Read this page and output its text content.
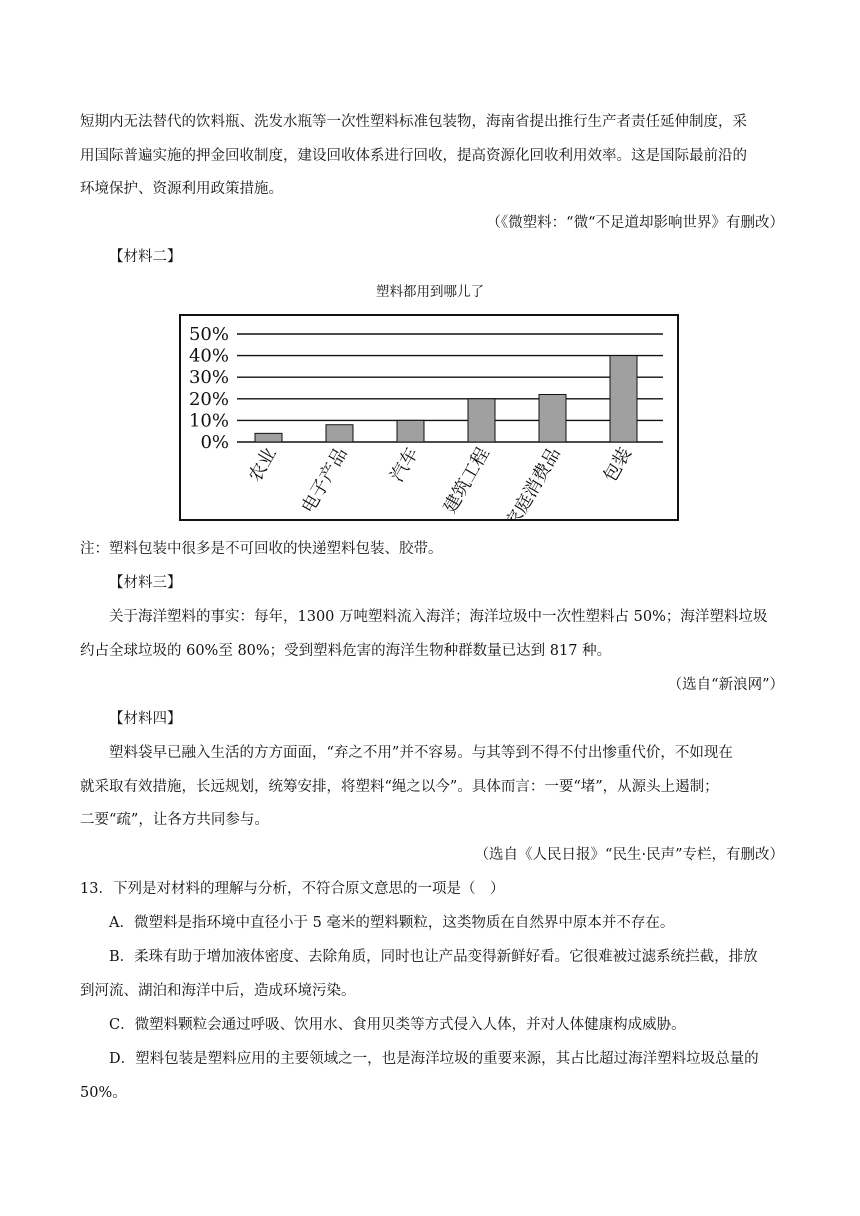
短期内无法替代的饮料瓶、洗发水瓶等一次性塑料标准包装物，海南省提出推行生产者责任延伸制度，采
用国际普遍实施的押金回收制度，建设回收体系进行回收，提高资源化回收利用效率。这是国际最前沿的
环境保护、资源利用政策措施。
（《微塑料：“微“不足道却影响世界》有删改）
【材料二】
塑料都用到哪儿了
50%
40%
30%
20%
10%
0%
农业 电子产品 汽车 建筑工程 家庭消费品 包装
注：塑料包装中很多是不可回收的快递塑料包装、胶带。
【材料三】
关于海洋塑料的事实：每年，1300 万吨塑料流入海洋；海洋垃圾中一次性塑料占 50%；海洋塑料垃圾
约占全球垃圾的 60%至 80%；受到塑料危害的海洋生物种群数量已达到 817 种。
（选自“新浪网”）
【材料四】
塑料袋早已融入生活的方方面面，“弃之不用”并不容易。与其等到不得不付出惨重代价，不如现在
就采取有效措施，长远规划，统筹安排，将塑料“绳之以今”。具体而言：一要“堵”，从源头上遏制；
二要“疏”，让各方共同参与。
（选自《人民日报》“民生·民声”专栏，有删改）
13．下列是对材料的理解与分析，不符合原文意思的一项是（　）
A．微塑料是指环境中直径小于 5 毫米的塑料颗粒，这类物质在自然界中原本并不存在。
B．柔珠有助于增加液体密度、去除角质，同时也让产品变得新鲜好看。它很难被过滤系统拦截，排放
到河流、湖泊和海洋中后，造成环境污染。
C．微塑料颗粒会通过呼吸、饮用水、食用贝类等方式侵入人体，并对人体健康构成威胁。
D．塑料包装是塑料应用的主要领域之一，也是海洋垃圾的重要来源，其占比超过海洋塑料垃圾总量的
50%。
